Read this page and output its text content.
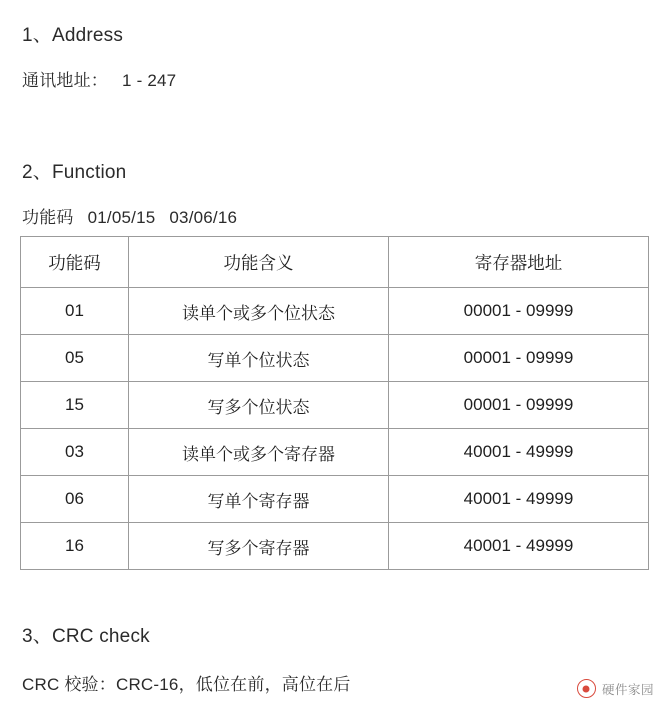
1、Address
通讯地址： 1 - 247
2、Function
功能码 01/05/15 03/06/16
功能码	功能含义	寄存器地址
01	读单个或多个位状态	00001 - 09999
05	写单个位状态	00001 - 09999
15	写多个位状态	00001 - 09999
03	读单个或多个寄存器	40001 - 49999
06	写单个寄存器	40001 - 49999
16	写多个寄存器	40001 - 49999
3、CRC check
CRC 校验：CRC-16，低位在前，高位在后	硬件家园
